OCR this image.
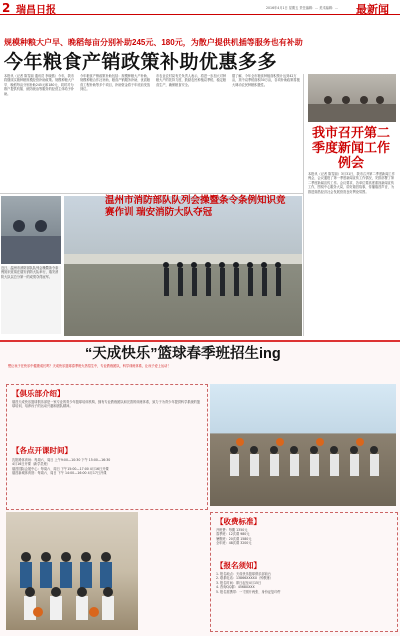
2 瑞昌日报	2016年4月1日 星期五 责任编辑：... 美术编辑：... 最新闻
规模种粮大户早、晚稻每亩分别补助245元、180元，为散户提供机插等服务也有补助
今年粮食产销政策补助优惠多多

本报讯（记者 陈雪丽 通讯员 李晓燕）今年，我市将继续实施种粮规模经营补助政策。规模种粮大户早、晚稻每亩分别补助245元和180元，同时对为散户提供机插、统防统治等服务的经营主体给予补助。

今年粮食产销政策补助包括：规模种粮大户补助，规模种粮合作社补助，粮食产销服务补助，优质粮食工程补助等多个项目，补助资金将于年底前发放到位。

市农业农村局有关负责人表示，将进一步加大对种粮大户的扶持力度，鼓励农民种植双季稻，稳定粮食生产，确保粮食安全。

据了解，今年全市粮食种植面积预计达到42万亩，其中双季稻面积30万亩，各项补助政策将极大调动农民种粮积极性。

我市召开第二季度新闻工作例会

本报讯（记者 陈雪丽）3月31日，我市召开第二季度新闻工作例会，会议通报了第一季度新闻宣传工作情况，安排部署了第二季度新闻宣传工作。会议要求，各单位要高度重视新闻宣传工作，围绕中心服务大局，讲好瑞昌故事，传播瑞昌声音，为推进瑞昌经济社会发展营造良好舆论氛围。

近日，温州市消防部队队列会操暨条令条例知识竞赛在瑞安消防大队举行，瑞安消防大队以总分第一的成绩夺得冠军。
温州市消防部队队列会操暨条令条例知识竞赛作训 瑞安消防大队夺冠
“天成快乐”篮球春季班招生ing
想让孩子在快乐中健康成长吗？天成快乐篮球春季班火热招生中，专业教练团队，科学训练体系，让孩子爱上运动！
【俱乐部介绍】
瑞昌天成快乐篮球俱乐部是一家专业的青少年篮球培训机构，拥有专业教练团队和完善的训练体系，致力于为青少年提供科学系统的篮球培训，培养孩子的运动兴趣和团队精神。
【各点开课时间】
沈阳路体育场：每周六、周日 上午9:00—10:30 下午 15:00—16:30
4月16日开课（新学员班）
瑞昌国际会展中心：每周六、周日 下午15:00—17:00 4月16日开课
瑞昌新城体育馆：每周六、周日 下午 14:00—16:00 4月17日开课
【收费标准】
开班费：每期 1350元
春季班：12次课 980元
暑假班：20次课 1580元
全年班：48次课 3200元
【报名须知】
1. 报名地点：天成快乐篮球俱乐部前台
2. 联系电话：13866XXXXX（钟教练）
3. 报名时间：即日起至4月15日
4. 咨询QQ群：4568XXXX
5. 报名需携带：一寸照片两张、身份证复印件
